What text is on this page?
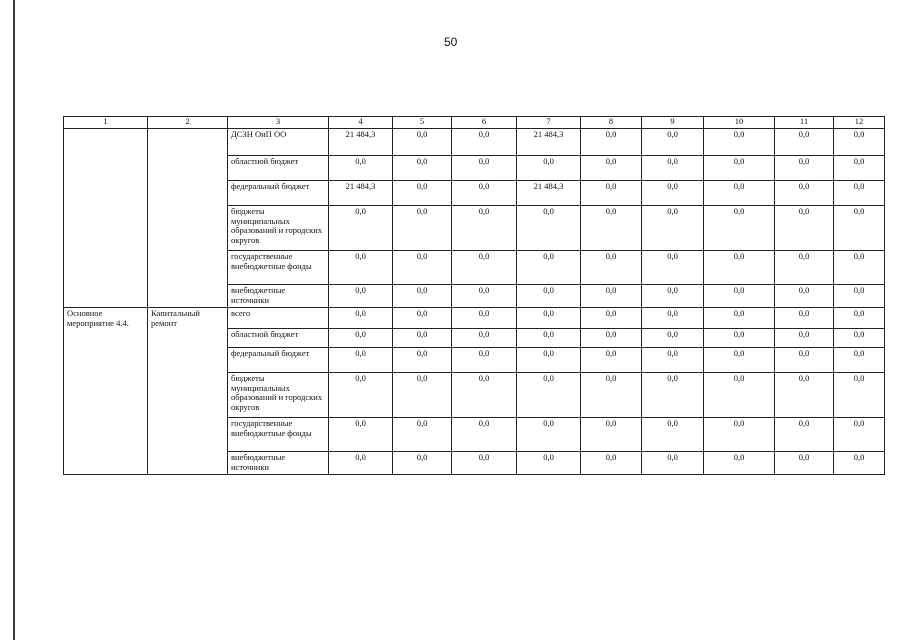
50
1	2	3	4	5	6	7	8	9	10	11	12
		ДСЗН ОиП ОО	21 484,3	0,0	0,0	21 484,3	0,0	0,0	0,0	0,0	0,0
		областной бюджет	0,0	0,0	0,0	0,0	0,0	0,0	0,0	0,0	0,0
		федеральный бюджет	21 484,3	0,0	0,0	21 484,3	0,0	0,0	0,0	0,0	0,0
		бюджеты муниципальных образований и городских округов	0,0	0,0	0,0	0,0	0,0	0,0	0,0	0,0	0,0
		государственные внебюджетные фонды	0,0	0,0	0,0	0,0	0,0	0,0	0,0	0,0	0,0
		внебюджетные источники	0,0	0,0	0,0	0,0	0,0	0,0	0,0	0,0	0,0
Основное мероприятие 4.4.	Капитальный ремонт	всего	0,0	0,0	0,0	0,0	0,0	0,0	0,0	0,0	0,0
		областной бюджет	0,0	0,0	0,0	0,0	0,0	0,0	0,0	0,0	0,0
		федеральный бюджет	0,0	0,0	0,0	0,0	0,0	0,0	0,0	0,0	0,0
		бюджеты муниципальных образований и городских округов	0,0	0,0	0,0	0,0	0,0	0,0	0,0	0,0	0,0
		государственные внебюджетные фонды	0,0	0,0	0,0	0,0	0,0	0,0	0,0	0,0	0,0
		внебюджетные источники	0,0	0,0	0,0	0,0	0,0	0,0	0,0	0,0	0,0
